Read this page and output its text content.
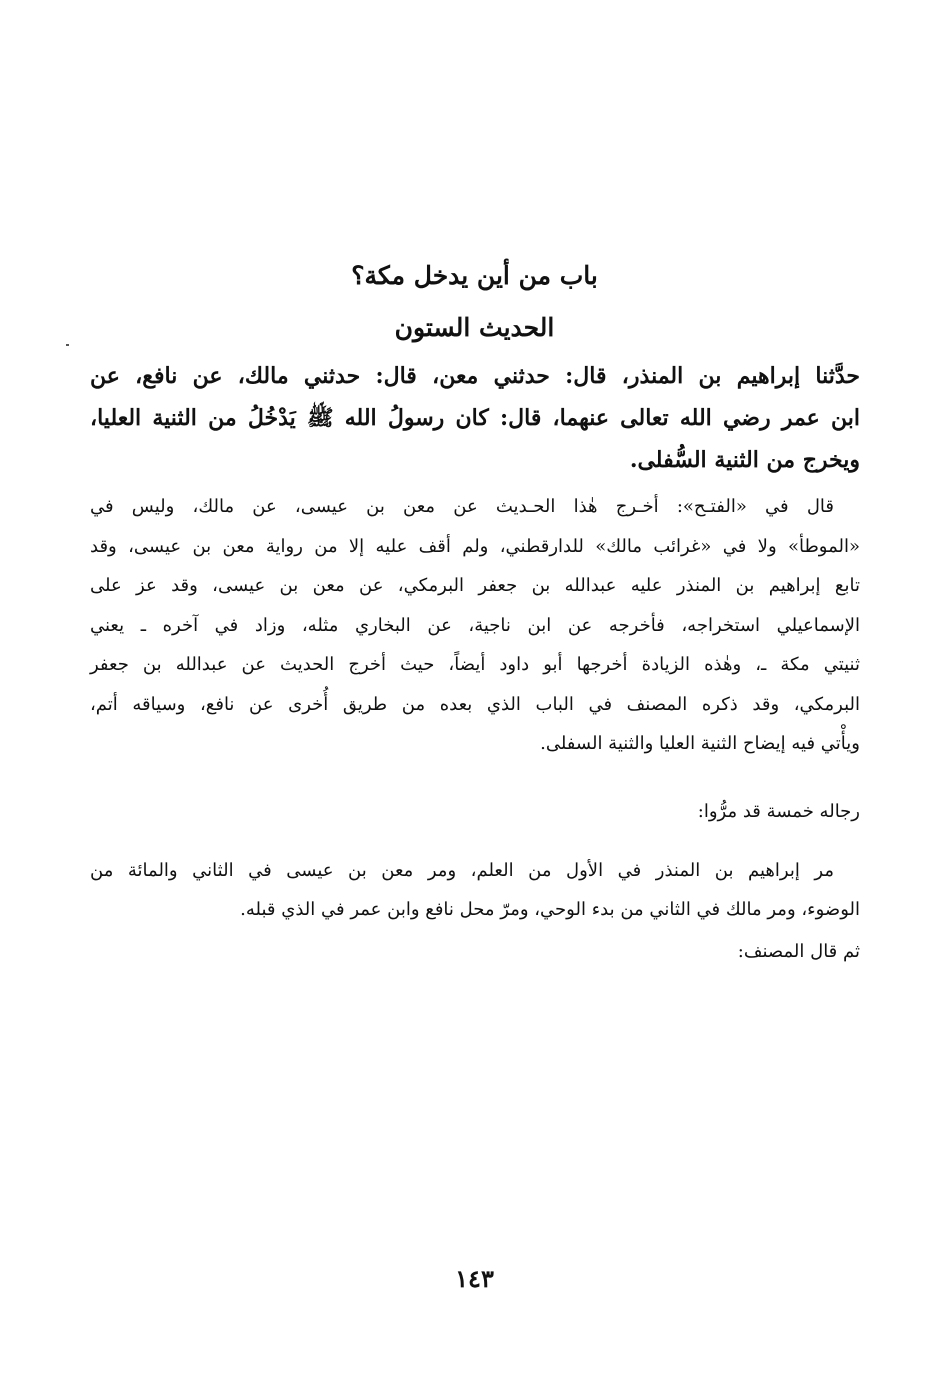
باب من أين يدخل مكة؟
الحديث الستون

حدَّثنا إبراهيم بن المنذر، قال: حدثني معن، قال: حدثني مالك، عن نافع، عن
ابن عمر رضي الله تعالى عنهما، قال: كان رسولُ الله ﷺ يَدْخُلُ من الثنية العليا،
ويخرج من الثنية السُّفلى.

قال في «الفتـح»: أخـرج هٰذا الحـديث عن معن بن عيسى، عن مالك، وليس في
«الموطأ» ولا في «غرائب مالك» للدارقطني، ولم أقف عليه إلا من رواية معن بن عيسى، وقد
تابع إبراهيم بن المنذر عليه عبدالله بن جعفر البرمكي، عن معن بن عيسى، وقد عز على
الإسماعيلي استخراجه، فأخرجه عن ابن ناجية، عن البخاري مثله، وزاد في آخره ـ يعني
ثنيتي مكة ـ، وهٰذه الزيادة أخرجها أبو داود أيضاً، حيث أخرج الحديث عن عبدالله بن جعفر
البرمكي، وقد ذكره المصنف في الباب الذي بعده من طريق أُخرى عن نافع، وسياقه أتم،
ويأْتي فيه إيضاح الثنية العليا والثنية السفلى.

رجاله خمسة قد مرُّوا:

مر إبراهيم بن المنذر في الأول من العلم، ومر معن بن عيسى في الثاني والمائة من
الوضوء، ومر مالك في الثاني من بدء الوحي، ومرّ محل نافع وابن عمر في الذي قبله.

ثم قال المصنف:

١٤٣
